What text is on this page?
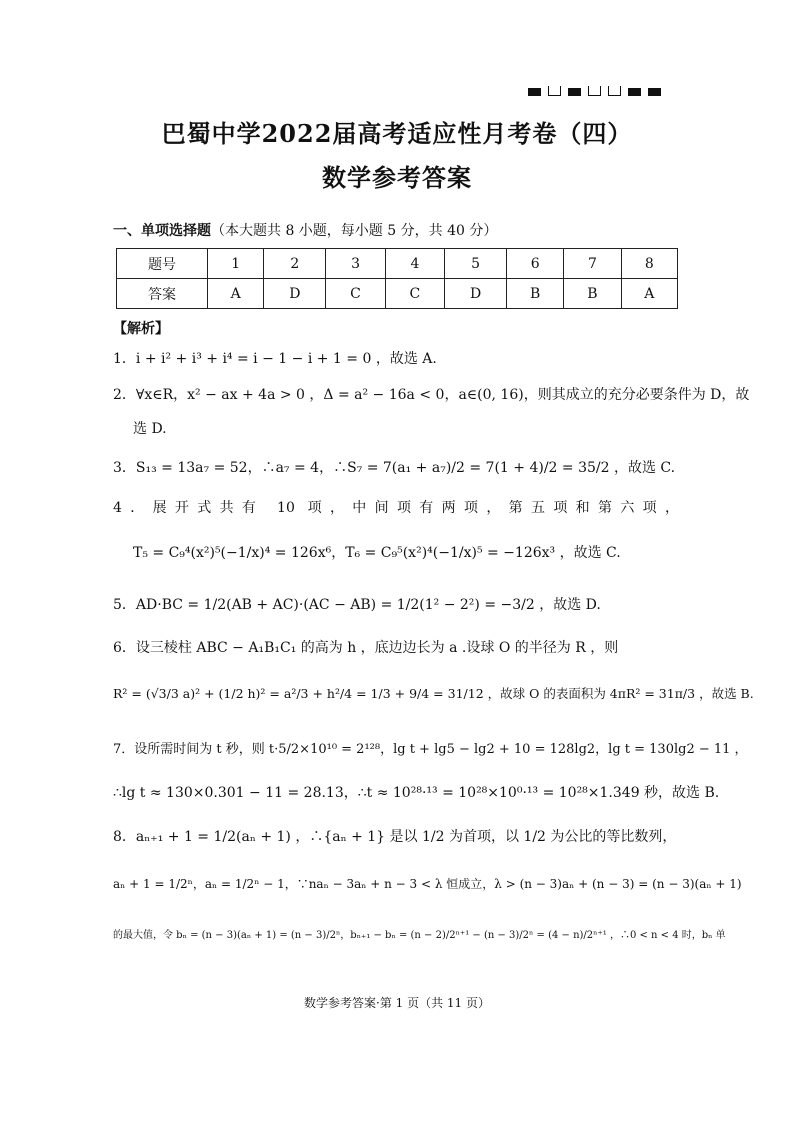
巴蜀中学2022届高考适应性月考卷（四）
数学参考答案
一、单项选择题（本大题共 8 小题，每小题 5 分，共 40 分）
题号	1	2	3	4	5	6	7	8
答案	A	D	C	C	D	B	B	A
【解析】
1．i + i² + i³ + i⁴ = i − 1 − i + 1 = 0 ，故选 A.
2．∀x∈R，x² − ax + 4a > 0 ，Δ = a² − 16a < 0，a∈(0, 16)，则其成立的充分必要条件为 D，故
选 D.
3．S₁₃ = 13a₇ = 52，∴a₇ = 4，∴S₇ = 7(a₁ + a₇)/2 = 7(1 + 4)/2 = 35/2 ，故选 C.
4．展开式共有 10 项，中间项有两项，第五项和第六项，
T₅ = C₉⁴(x²)⁵(−1/x)⁴ = 126x⁶，T₆ = C₉⁵(x²)⁴(−1/x)⁵ = −126x³ ，故选 C.
5．AD·BC = 1/2(AB + AC)·(AC − AB) = 1/2(1² − 2²) = −3/2 ，故选 D.
6．设三棱柱 ABC − A₁B₁C₁ 的高为 h ，底边边长为 a .设球 O 的半径为 R ，则
R² = (√3/3 a)² + (1/2 h)² = a²/3 + h²/4 = 1/3 + 9/4 = 31/12 ，故球 O 的表面积为 4πR² = 31π/3 ，故选 B.
7．设所需时间为 t 秒，则 t·5/2×10¹⁰ = 2¹²⁸，lg t + lg5 − lg2 + 10 = 128lg2，lg t = 130lg2 − 11 ，
∴lg t ≈ 130×0.301 − 11 = 28.13，∴t ≈ 10²⁸·¹³ = 10²⁸×10⁰·¹³ = 10²⁸×1.349 秒，故选 B.
8．aₙ₊₁ + 1 = 1/2(aₙ + 1) ，∴{aₙ + 1} 是以 1/2 为首项，以 1/2 为公比的等比数列，
aₙ + 1 = 1/2ⁿ，aₙ = 1/2ⁿ − 1，∵naₙ − 3aₙ + n − 3 < λ 恒成立，λ > (n − 3)aₙ + (n − 3) = (n − 3)(aₙ + 1)
的最大值，令 bₙ = (n − 3)(aₙ + 1) = (n − 3)/2ⁿ，bₙ₊₁ − bₙ = (n − 2)/2ⁿ⁺¹ − (n − 3)/2ⁿ = (4 − n)/2ⁿ⁺¹ ，∴0 < n < 4 时，bₙ 单
数学参考答案·第 1 页（共 11 页）
